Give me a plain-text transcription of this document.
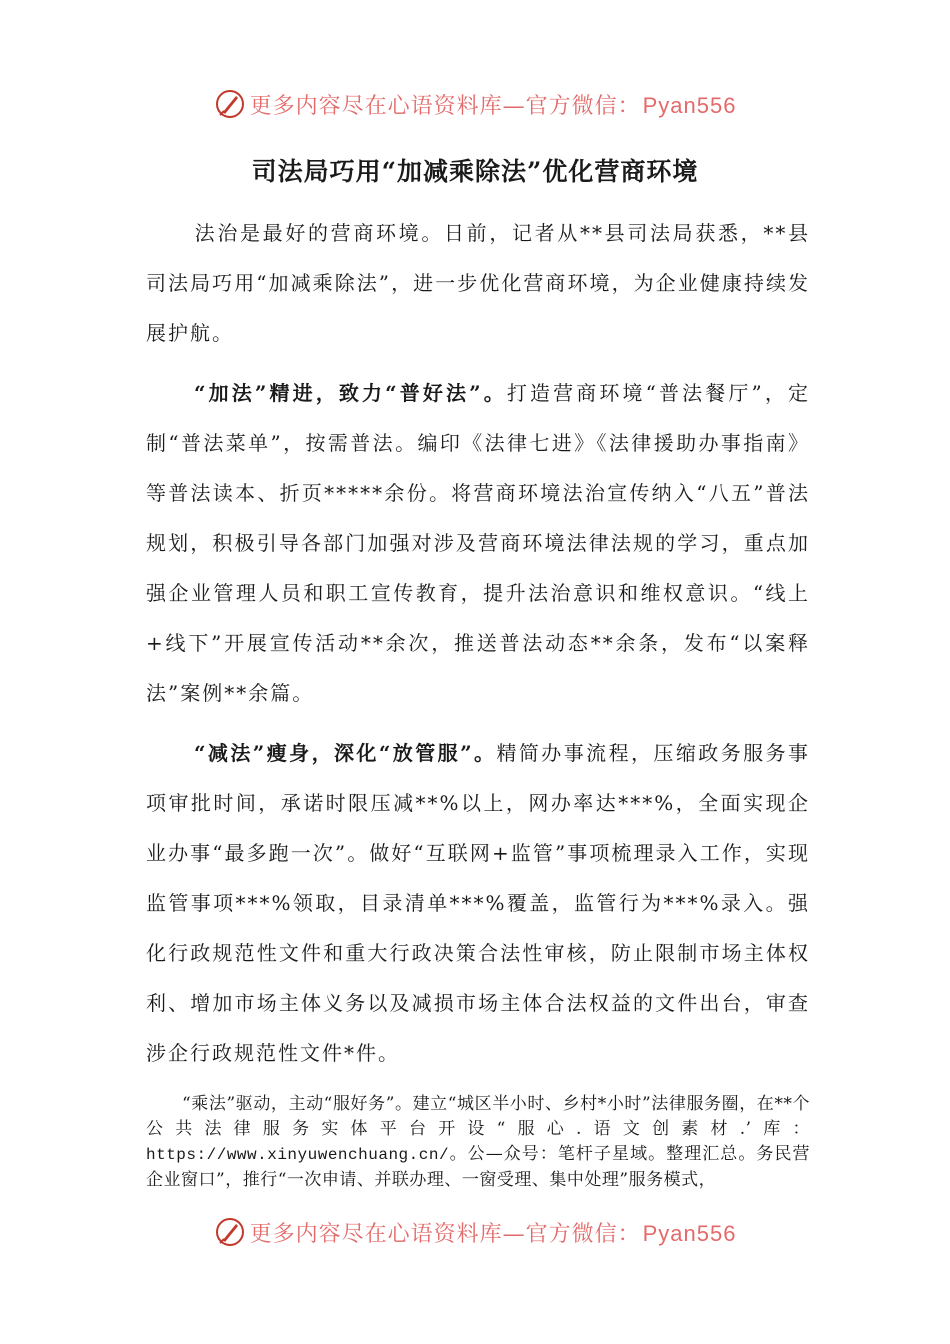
更多内容尽在心语资料库—官方微信：Pyan556
司法局巧用“加减乘除法”优化营商环境

法治是最好的营商环境。日前，记者从**县司法局获悉，**县司法局巧用“加减乘除法”，进一步优化营商环境，为企业健康持续发展护航。

“加法”精进，致力“普好法”。打造营商环境“普法餐厅”，定制“普法菜单”，按需普法。编印《法律七进》《法律援助办事指南》等普法读本、折页*****余份。将营商环境法治宣传纳入“八五”普法规划，积极引导各部门加强对涉及营商环境法律法规的学习，重点加强企业管理人员和职工宣传教育，提升法治意识和维权意识。“线上+线下”开展宣传活动**余次，推送普法动态**余条，发布“以案释法”案例**余篇。

“减法”瘦身，深化“放管服”。精简办事流程，压缩政务服务事项审批时间，承诺时限压减**%以上，网办率达***%，全面实现企业办事“最多跑一次”。做好“互联网+监管”事项梳理录入工作，实现监管事项***%领取，目录清单***%覆盖，监管行为***%录入。强化行政规范性文件和重大行政决策合法性审核，防止限制市场主体权利、增加市场主体义务以及减损市场主体合法权益的文件出台，审查涉企行政规范性文件*件。

“乘法”驱动，主动“服好务”。建立“城区半小时、乡村*小时”法律服务圈，在**个公共法律服务实体平台开设“服心.语文创素材.’库：https://www.xinyuwenchuang.cn/。公—众号：笔杆子星域。整理汇总。务民营企业窗口”，推行“一次申请、并联办理、一窗受理、集中处理”服务模式，

更多内容尽在心语资料库—官方微信：Pyan556
